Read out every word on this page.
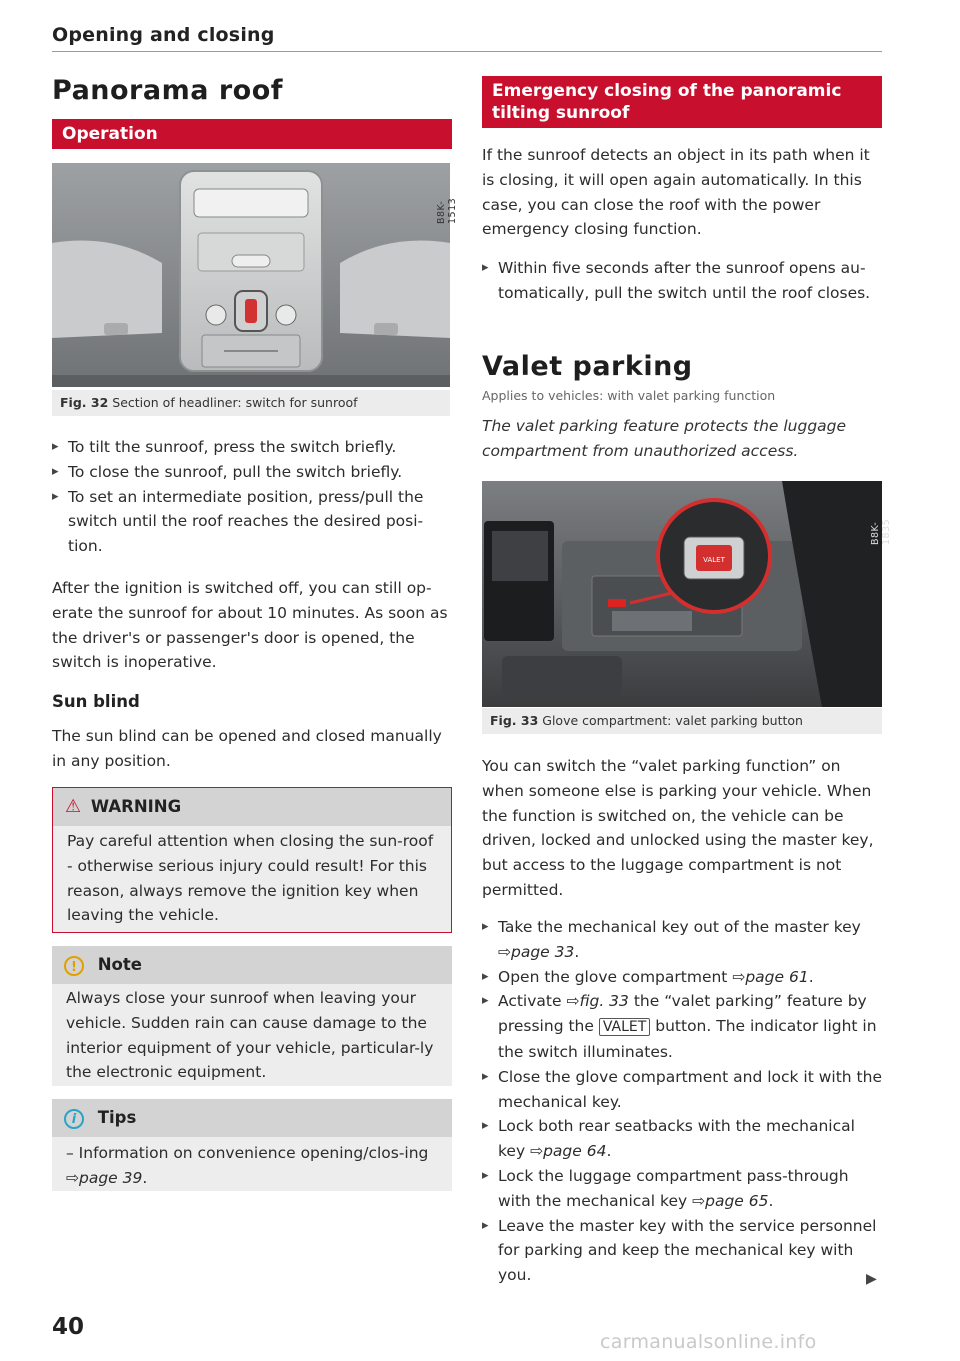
Opening and closing
Panorama roof
Operation
B8K-1513
Fig. 32 Section of headliner: switch for sunroof
▸ To tilt the sunroof, press the switch briefly.
▸ To close the sunroof, pull the switch briefly.
▸ To set an intermediate position, press/pull the switch until the roof reaches the desired posi-tion.

After the ignition is switched off, you can still op-erate the sunroof for about 10 minutes. As soon as the driver's or passenger's door is opened, the switch is inoperative.

Sun blind

The sun blind can be opened and closed manually in any position.

⚠ WARNING

Pay careful attention when closing the sun-roof - otherwise serious injury could result! For this reason, always remove the ignition key when leaving the vehicle.

! Note

Always close your sunroof when leaving your vehicle. Sudden rain can cause damage to the interior equipment of your vehicle, particular-ly the electronic equipment.

i Tips

– Information on convenience opening/clos-ing ⇨page 39.

Emergency closing of the panoramic tilting sunroof

If the sunroof detects an object in its path when it is closing, it will open again automatically. In this case, you can close the roof with the power emergency closing function.

▸ Within five seconds after the sunroof opens au-tomatically, pull the switch until the roof closes.
Valet parking
Applies to vehicles: with valet parking function

The valet parking feature protects the luggage compartment from unauthorized access.

VALET
B8K-1835
Fig. 33 Glove compartment: valet parking button

You can switch the “valet parking function” on when someone else is parking your vehicle. When the function is switched on, the vehicle can be driven, locked and unlocked using the master key, but access to the luggage compartment is not permitted.

▸ Take the mechanical key out of the master key
⇨page 33.
▸ Open the glove compartment ⇨page 61.
▸ Activate ⇨fig. 33 the “valet parking” feature by pressing the VALET button. The indicator light in the switch illuminates.
▸ Close the glove compartment and lock it with the mechanical key.
▸ Lock both rear seatbacks with the mechanical key ⇨page 64.
▸ Lock the luggage compartment pass-through with the mechanical key ⇨page 65.
▸ Leave the master key with the service personnel for parking and keep the mechanical key with you.	▶
40
carmanualsonline.info
